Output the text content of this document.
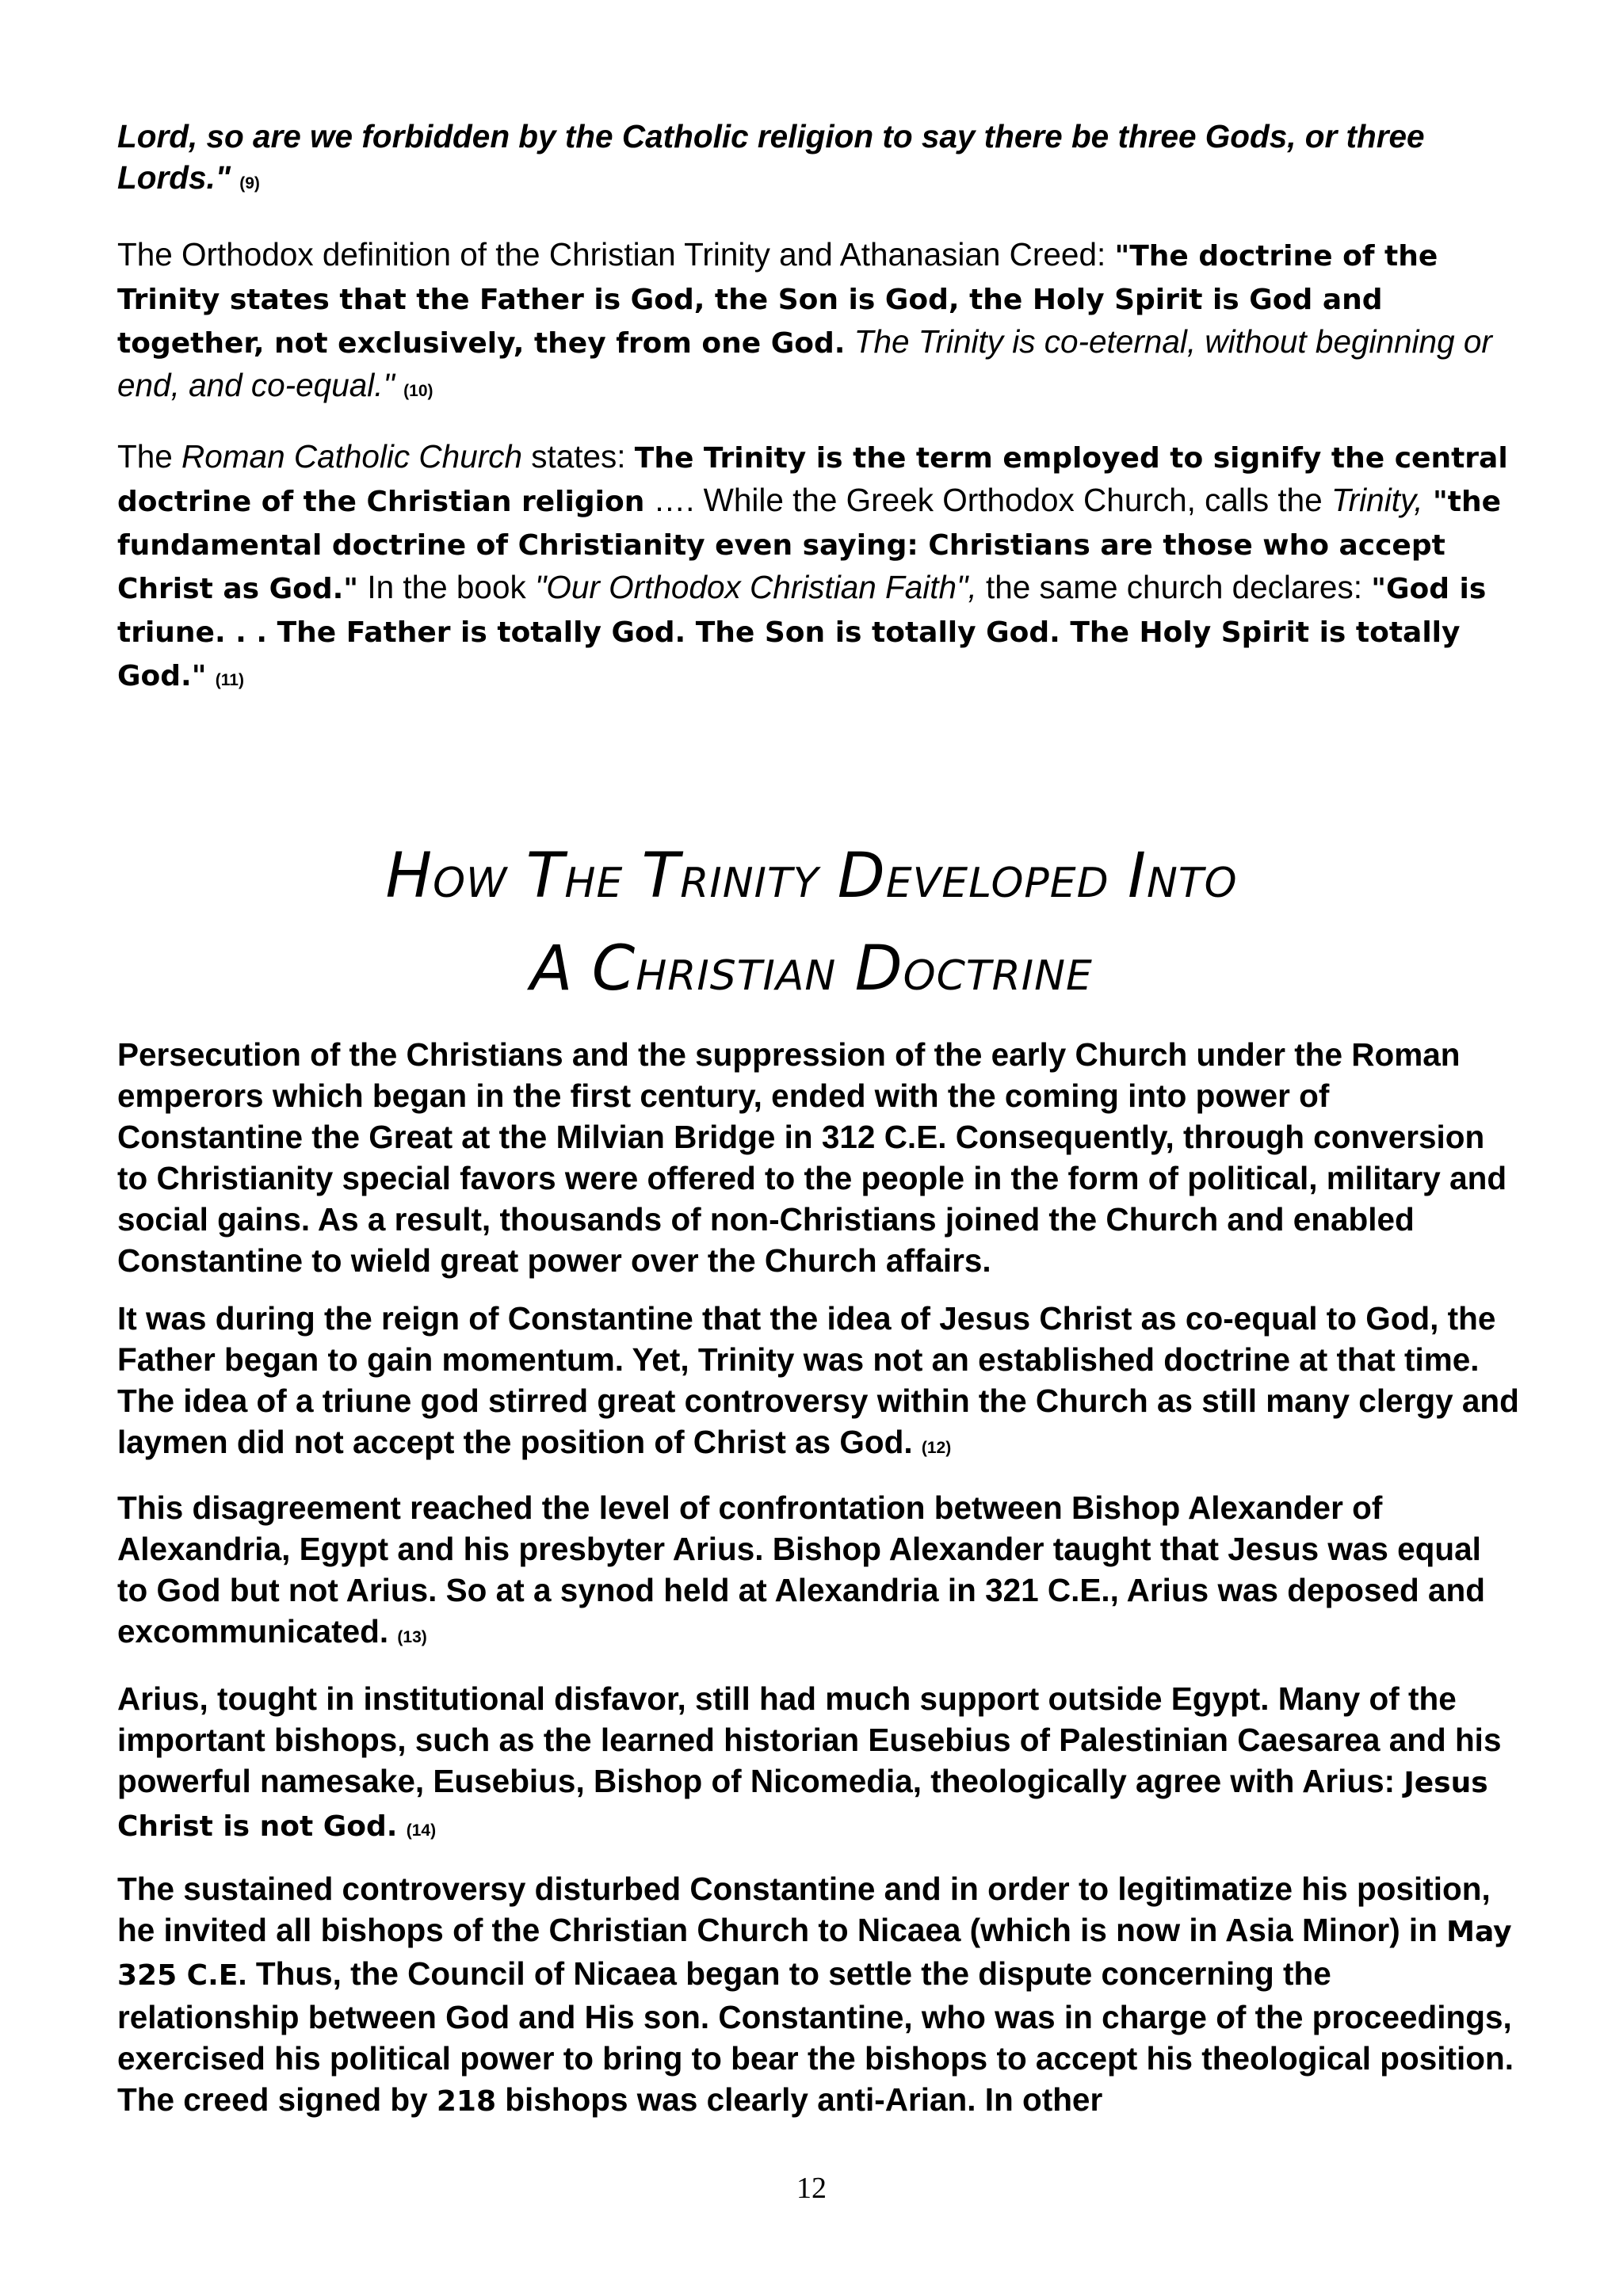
Lord, so are we forbidden by the Catholic religion to say there be three Gods, or three Lords." (9)

The Orthodox definition of the Christian Trinity and Athanasian Creed: "The doctrine of the Trinity states that the Father is God, the Son is God, the Holy Spirit is God and together, not exclusively, they from one God. The Trinity is co-eternal, without beginning or end, and co-equal." (10)

The Roman Catholic Church states: The Trinity is the term employed to signify the central doctrine of the Christian religion …. While the Greek Orthodox Church, calls the Trinity, "the fundamental doctrine of Christianity even saying: Christians are those who accept Christ as God." In the book "Our Orthodox Christian Faith", the same church declares: "God is triune. . . The Father is totally God. The Son is totally God. The Holy Spirit is totally God." (11)

HOW THE TRINITY DEVELOPED INTO
A CHRISTIAN DOCTRINE

Persecution of the Christians and the suppression of the early Church under the Roman emperors which began in the first century, ended with the coming into power of Constantine the Great at the Milvian Bridge in 312 C.E. Consequently, through conversion to Christianity special favors were offered to the people in the form of political, military and social gains. As a result, thousands of non-Christians joined the Church and enabled Constantine to wield great power over the Church affairs.

It was during the reign of Constantine that the idea of Jesus Christ as co-equal to God, the Father began to gain momentum. Yet, Trinity was not an established doctrine at that time. The idea of a triune god stirred great controversy within the Church as still many clergy and laymen did not accept the position of Christ as God. (12)

This disagreement reached the level of confrontation between Bishop Alexander of Alexandria, Egypt and his presbyter Arius. Bishop Alexander taught that Jesus was equal to God but not Arius. So at a synod held at Alexandria in 321 C.E., Arius was deposed and excommunicated. (13)

Arius, tought in institutional disfavor, still had much support outside Egypt. Many of the important bishops, such as the learned historian Eusebius of Palestinian Caesarea and his powerful namesake, Eusebius, Bishop of Nicomedia, theologically agree with Arius: Jesus Christ is not God. (14)

The sustained controversy disturbed Constantine and in order to legitimatize his position, he invited all bishops of the Christian Church to Nicaea (which is now in Asia Minor) in May 325 C.E. Thus, the Council of Nicaea began to settle the dispute concerning the relationship between God and His son. Constantine, who was in charge of the proceedings, exercised his political power to bring to bear the bishops to accept his theological position. The creed signed by 218 bishops was clearly anti-Arian. In other

12
